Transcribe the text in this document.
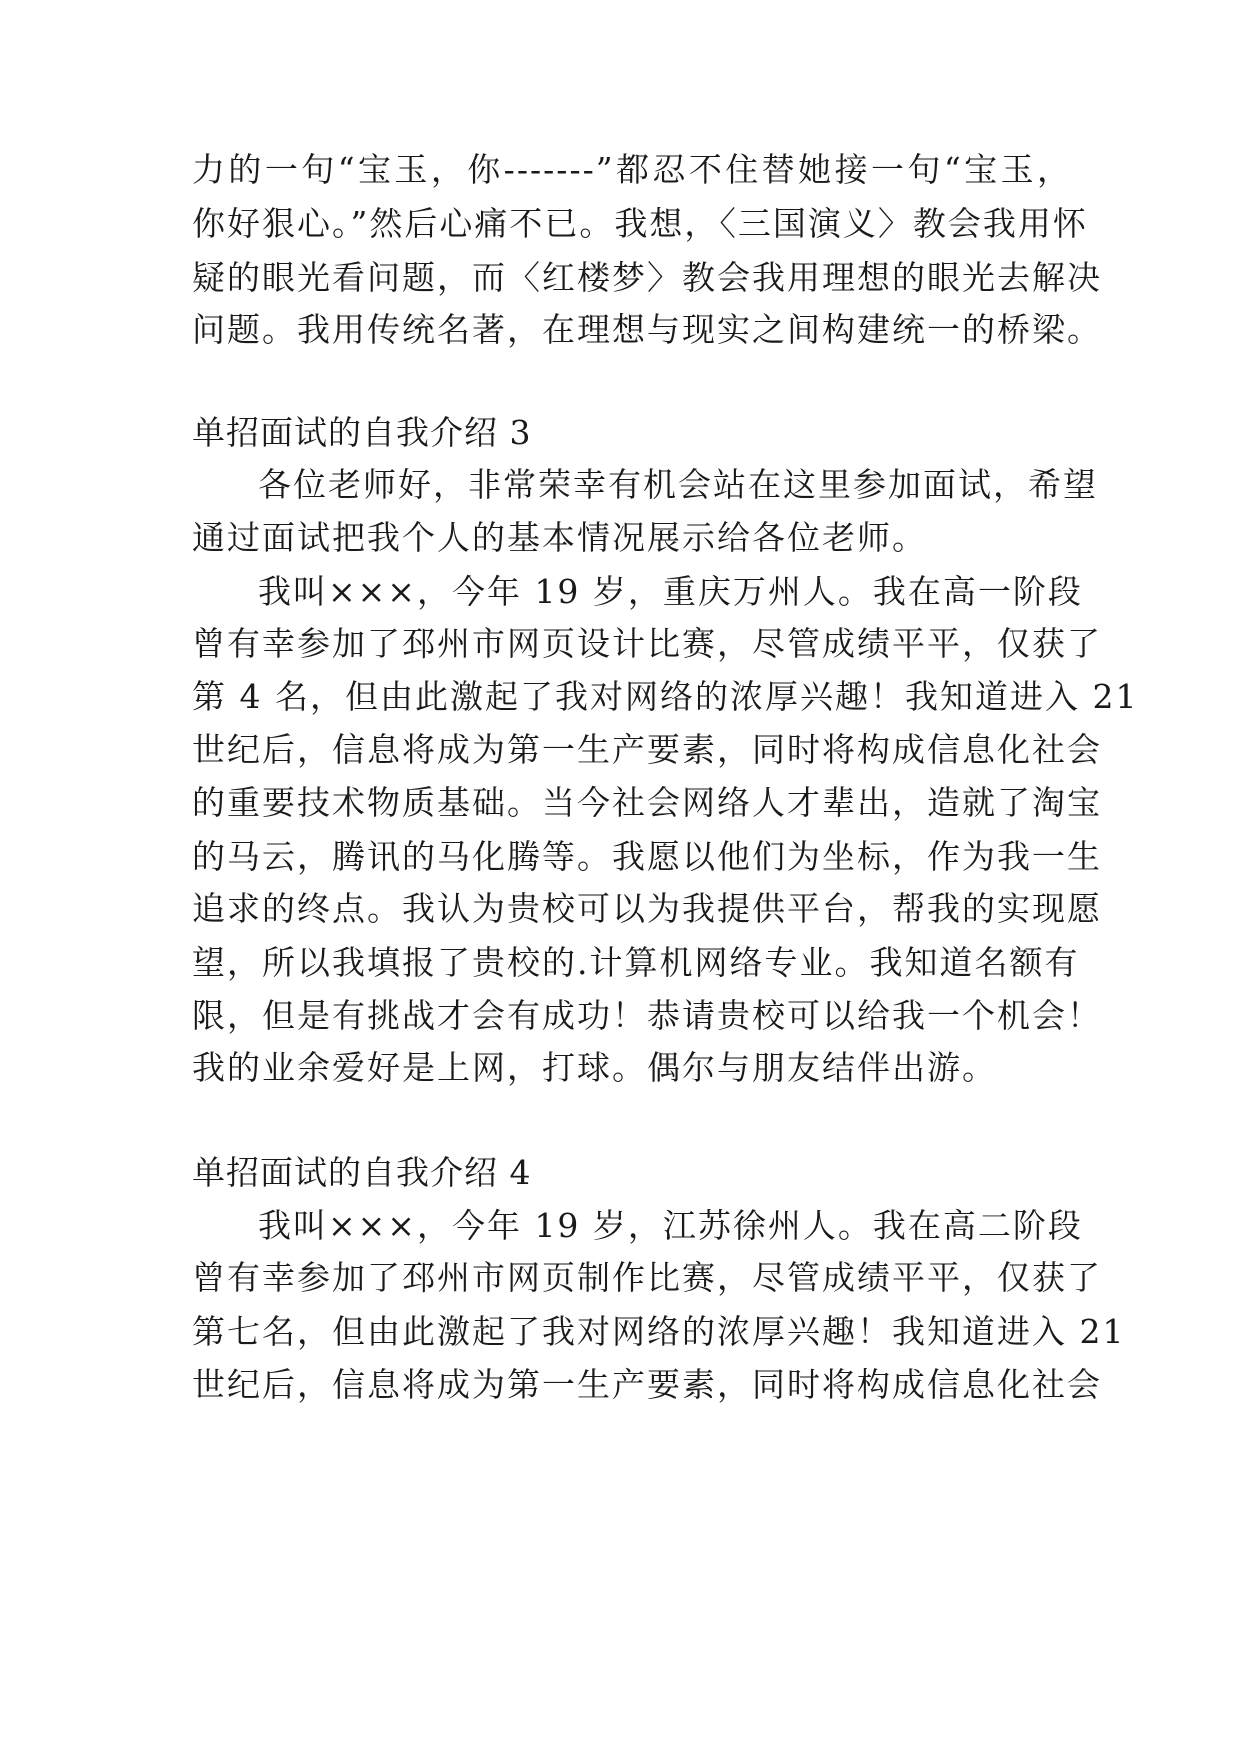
力的一句“宝玉，你-------”都忍不住替她接一句“宝玉，
你好狠心。”然后心痛不已。我想，〈三国演义〉教会我用怀
疑的眼光看问题，而〈红楼梦〉教会我用理想的眼光去解决
问题。我用传统名著，在理想与现实之间构建统一的桥梁。
单招面试的自我介绍 3
各位老师好，非常荣幸有机会站在这里参加面试，希望
通过面试把我个人的基本情况展示给各位老师。
我叫×××，今年 19 岁，重庆万州人。我在高一阶段
曾有幸参加了邳州市网页设计比赛，尽管成绩平平，仅获了
第 4 名，但由此激起了我对网络的浓厚兴趣！我知道进入 21
世纪后，信息将成为第一生产要素，同时将构成信息化社会
的重要技术物质基础。当今社会网络人才辈出，造就了淘宝
的马云，腾讯的马化腾等。我愿以他们为坐标，作为我一生
追求的终点。我认为贵校可以为我提供平台，帮我的实现愿
望，所以我填报了贵校的.计算机网络专业。我知道名额有
限，但是有挑战才会有成功！恭请贵校可以给我一个机会！
我的业余爱好是上网，打球。偶尔与朋友结伴出游。
单招面试的自我介绍 4
我叫×××，今年 19 岁，江苏徐州人。我在高二阶段
曾有幸参加了邳州市网页制作比赛，尽管成绩平平，仅获了
第七名，但由此激起了我对网络的浓厚兴趣！我知道进入 21
世纪后，信息将成为第一生产要素，同时将构成信息化社会
